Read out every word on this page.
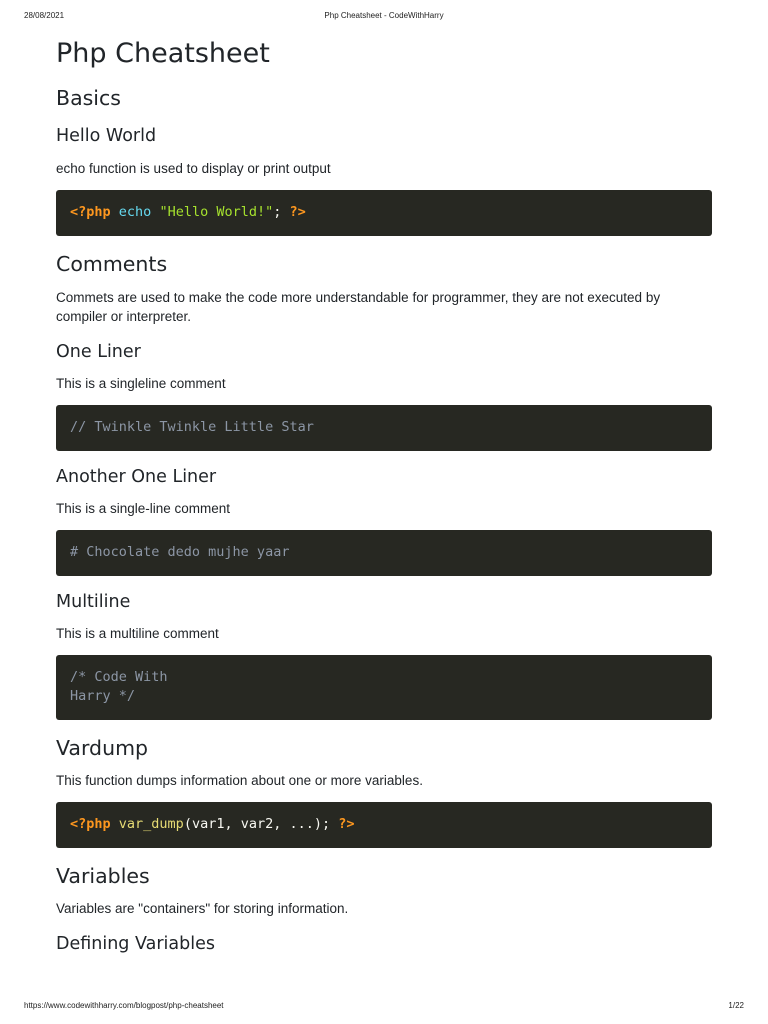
28/08/2021	Php Cheatsheet - CodeWithHarry
Php Cheatsheet
Basics
Hello World
echo function is used to display or print output
<?php echo "Hello World!"; ?>
Comments
Commets are used to make the code more understandable for programmer, they are not executed by compiler or interpreter.
One Liner
This is a singleline comment
// Twinkle Twinkle Little Star
Another One Liner
This is a single-line comment
# Chocolate dedo mujhe yaar
Multiline
This is a multiline comment
/* Code With
Harry */
Vardump
This function dumps information about one or more variables.
<?php var_dump(var1, var2, ...); ?>
Variables
Variables are "containers" for storing information.
Defining Variables
https://www.codewithharry.com/blogpost/php-cheatsheet	1/22
